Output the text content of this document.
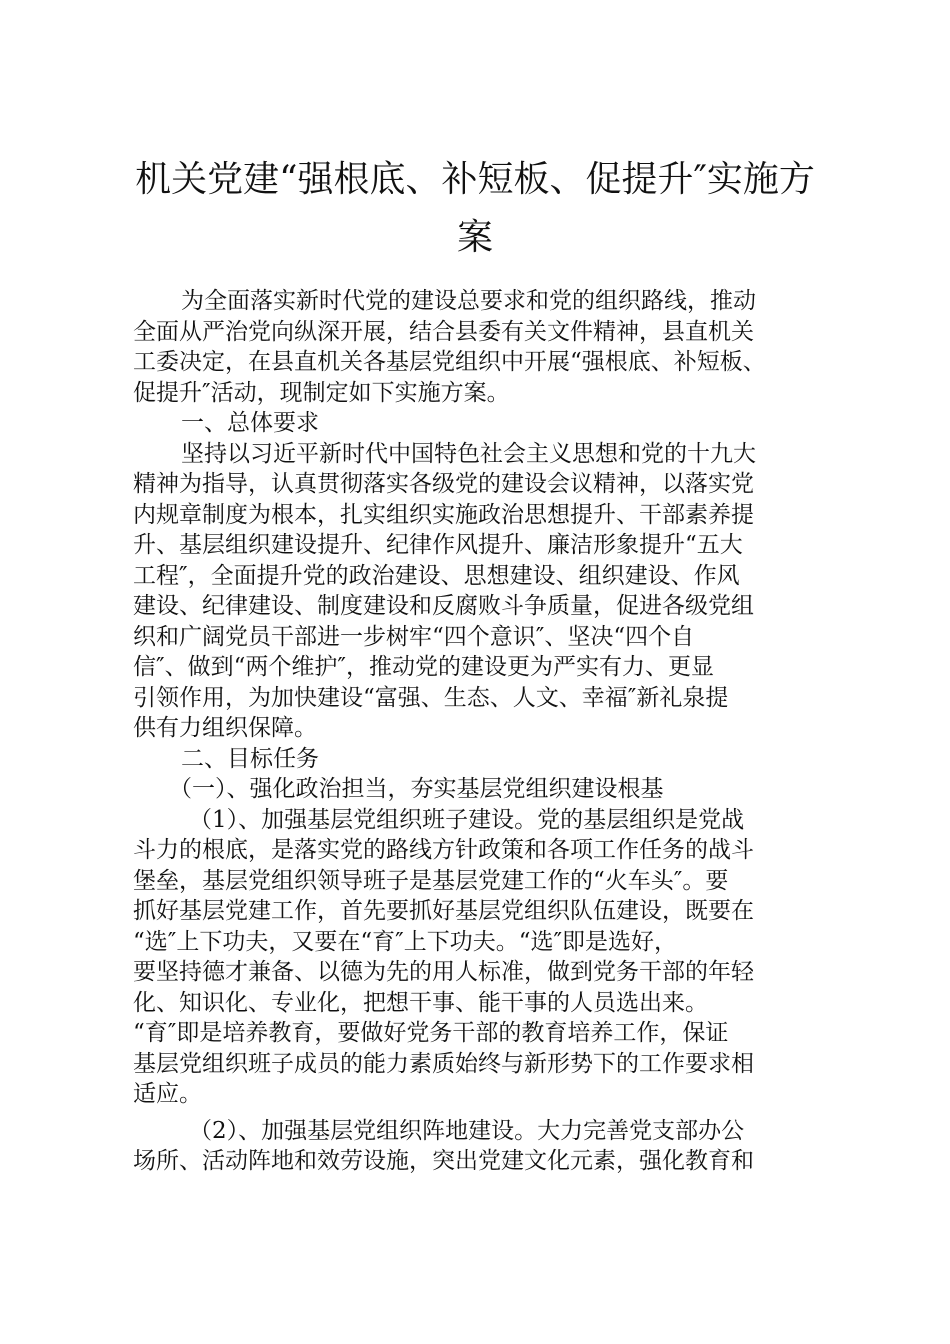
机关党建“强根底、补短板、促提升″实施方
案
为全面落实新时代党的建设总要求和党的组织路线，推动
全面从严治党向纵深开展，结合县委有关文件精神，县直机关
工委决定，在县直机关各基层党组织中开展“强根底、补短板、
促提升″活动，现制定如下实施方案。
一、总体要求
坚持以习近平新时代中国特色社会主义思想和党的十九大
精神为指导，认真贯彻落实各级党的建设会议精神，以落实党
内规章制度为根本，扎实组织实施政治思想提升、干部素养提
升、基层组织建设提升、纪律作风提升、廉洁形象提升“五大
工程″，全面提升党的政治建设、思想建设、组织建设、作风
建设、纪律建设、制度建设和反腐败斗争质量，促进各级党组
织和广阔党员干部进一步树牢“四个意识″、坚决“四个自
信″、做到“两个维护″，推动党的建设更为严实有力、更显
引领作用，为加快建设“富强、生态、人文、幸福″新礼泉提
供有力组织保障。
二、目标任务
（一）、强化政治担当，夯实基层党组织建设根基
（1）、加强基层党组织班子建设。党的基层组织是党战
斗力的根底，是落实党的路线方针政策和各项工作任务的战斗
堡垒，基层党组织领导班子是基层党建工作的“火车头″。要
抓好基层党建工作，首先要抓好基层党组织队伍建设，既要在
“选″上下功夫，又要在“育″上下功夫。“选″即是选好，
要坚持德才兼备、以德为先的用人标准，做到党务干部的年轻
化、知识化、专业化，把想干事、能干事的人员选出来。
“育″即是培养教育，要做好党务干部的教育培养工作，保证
基层党组织班子成员的能力素质始终与新形势下的工作要求相
适应。
（2）、加强基层党组织阵地建设。大力完善党支部办公
场所、活动阵地和效劳设施，突出党建文化元素，强化教育和
